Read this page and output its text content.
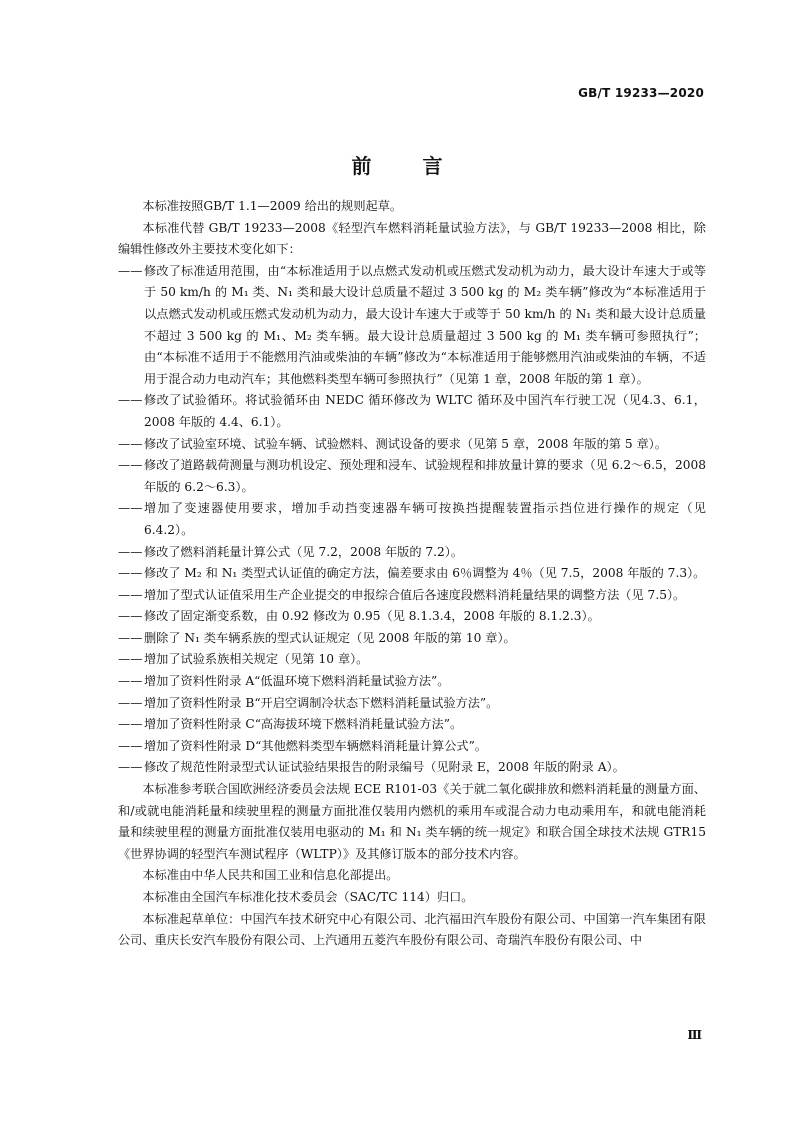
GB/T 19233—2020
前 言

本标准按照GB/T 1.1—2009 给出的规则起草。

本标准代替 GB/T 19233—2008《轻型汽车燃料消耗量试验方法》，与 GB/T 19233—2008 相比，除编辑性修改外主要技术变化如下：

—— 修改了标准适用范围，由“本标准适用于以点燃式发动机或压燃式发动机为动力，最大设计车速大于或等于 50 km/h 的 M₁ 类、N₁ 类和最大设计总质量不超过 3 500 kg 的 M₂ 类车辆”修改为“本标准适用于以点燃式发动机或压燃式发动机为动力，最大设计车速大于或等于 50 km/h 的 N₁ 类和最大设计总质量不超过 3 500 kg 的 M₁、M₂ 类车辆。最大设计总质量超过 3 500 kg 的 M₁ 类车辆可参照执行”；由“本标准不适用于不能燃用汽油或柴油的车辆”修改为“本标准适用于能够燃用汽油或柴油的车辆，不适用于混合动力电动汽车；其他燃料类型车辆可参照执行”（见第 1 章，2008 年版的第 1 章）。
—— 修改了试验循环。将试验循环由 NEDC 循环修改为 WLTC 循环及中国汽车行驶工况（见4.3、6.1，2008 年版的 4.4、6.1）。
—— 修改了试验室环境、试验车辆、试验燃料、测试设备的要求（见第 5 章，2008 年版的第 5 章）。
—— 修改了道路载荷测量与测功机设定、预处理和浸车、试验规程和排放量计算的要求（见 6.2～6.5，2008 年版的 6.2～6.3）。
—— 增加了变速器使用要求，增加手动挡变速器车辆可按换挡提醒装置指示挡位进行操作的规定（见 6.4.2）。
—— 修改了燃料消耗量计算公式（见 7.2，2008 年版的 7.2）。
—— 修改了 M₂ 和 N₁ 类型式认证值的确定方法，偏差要求由 6％调整为 4％（见 7.5，2008 年版的 7.3）。
—— 增加了型式认证值采用生产企业提交的申报综合值后各速度段燃料消耗量结果的调整方法（见 7.5）。
—— 修改了固定渐变系数，由 0.92 修改为 0.95（见 8.1.3.4，2008 年版的 8.1.2.3）。
—— 删除了 N₁ 类车辆系族的型式认证规定（见 2008 年版的第 10 章）。
—— 增加了试验系族相关规定（见第 10 章）。
—— 增加了资料性附录 A“低温环境下燃料消耗量试验方法”。
—— 增加了资料性附录 B“开启空调制冷状态下燃料消耗量试验方法”。
—— 增加了资料性附录 C“高海拔环境下燃料消耗量试验方法”。
—— 增加了资料性附录 D“其他燃料类型车辆燃料消耗量计算公式”。
—— 修改了规范性附录型式认证试验结果报告的附录编号（见附录 E，2008 年版的附录 A）。

本标准参考联合国欧洲经济委员会法规 ECE R101-03《关于就二氧化碳排放和燃料消耗量的测量方面、和/或就电能消耗量和续驶里程的测量方面批准仅装用内燃机的乘用车或混合动力电动乘用车，和就电能消耗量和续驶里程的测量方面批准仅装用电驱动的 M₁ 和 N₁ 类车辆的统一规定》和联合国全球技术法规 GTR15《世界协调的轻型汽车测试程序（WLTP）》及其修订版本的部分技术内容。

本标准由中华人民共和国工业和信息化部提出。

本标准由全国汽车标准化技术委员会（SAC/TC 114）归口。

本标准起草单位：中国汽车技术研究中心有限公司、北汽福田汽车股份有限公司、中国第一汽车集团有限公司、重庆长安汽车股份有限公司、上汽通用五菱汽车股份有限公司、奇瑞汽车股份有限公司、中

Ⅲ
